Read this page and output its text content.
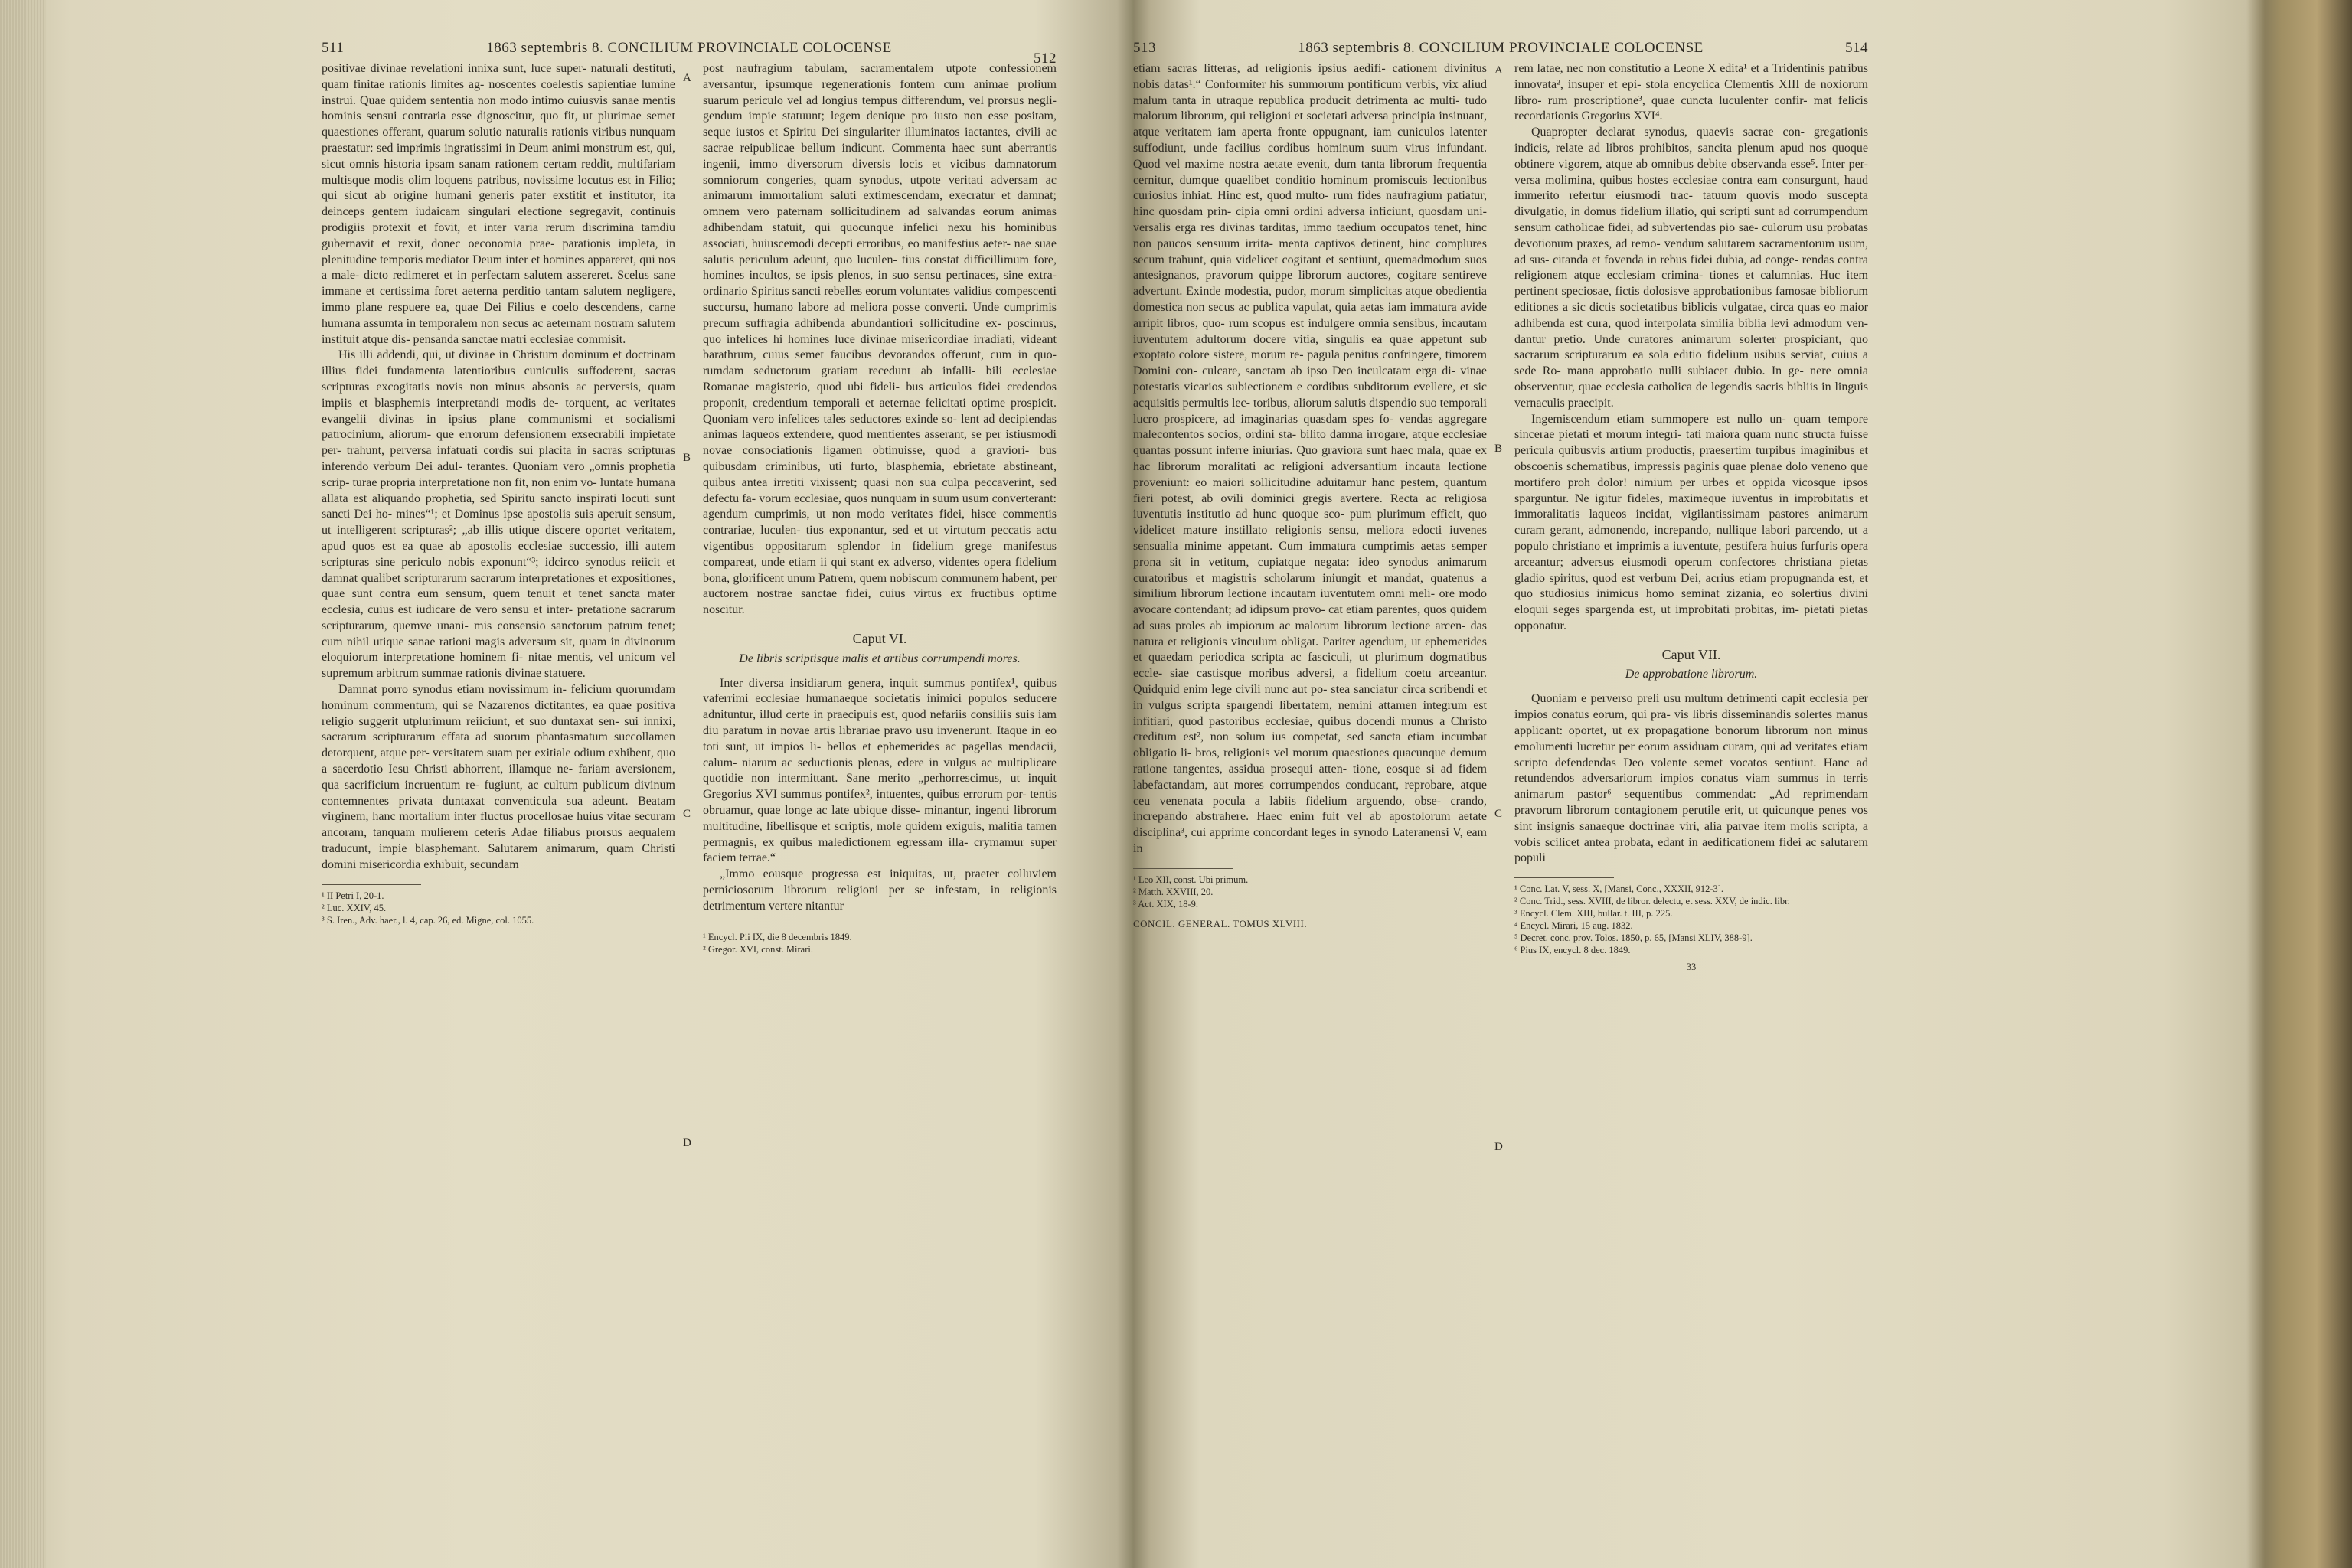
511	1863 septembris 8. CONCILIUM PROVINCIALE COLOCENSE
512

positivae divinae revelationi innixa sunt, luce super- naturali destituti, quam finitae rationis limites ag- noscentes coelestis sapientiae lumine instrui. Quae quidem sententia non modo intimo cuiusvis sanae mentis hominis sensui contraria esse dignoscitur, quo fit, ut plurimae semet quaestiones offerant, quarum solutio naturalis rationis viribus nunquam praestatur: sed imprimis ingratissimi in Deum animi monstrum est, qui, sicut omnis historia ipsam sanam rationem certam reddit, multifariam multisque modis olim loquens patribus, novissime locutus est in Filio; qui sicut ab origine humani generis pater exstitit et institutor, ita deinceps gentem iudaicam singulari electione segregavit, continuis prodigiis protexit et fovit, et inter varia rerum discrimina tamdiu gubernavit et rexit, donec oeconomia prae- parationis impleta, in plenitudine temporis mediator Deum inter et homines appareret, qui nos a male- dicto redimeret et in perfectam salutem assereret. Scelus sane immane et certissima foret aeterna perditio tantam salutem negligere, immo plane respuere ea, quae Dei Filius e coelo descendens, carne humana assumta in temporalem non secus ac aeternam nostram salutem instituit atque dis- pensanda sanctae matri ecclesiae commisit.

His illi addendi, qui, ut divinae in Christum dominum et doctrinam illius fidei fundamenta latentioribus cuniculis suffoderent, sacras scripturas excogitatis novis non minus absonis ac perversis, quam impiis et blasphemis interpretandi modis de- torquent, ac veritates evangelii divinas in ipsius plane communismi et socialismi patrocinium, aliorum- que errorum defensionem exsecrabili impietate per- trahunt, perversa infatuati cordis sui placita in sacras scripturas inferendo verbum Dei adul- terantes. Quoniam vero „omnis prophetia scrip- turae propria interpretatione non fit, non enim vo- luntate humana allata est aliquando prophetia, sed Spiritu sancto inspirati locuti sunt sancti Dei ho- mines“¹; et Dominus ipse apostolis suis aperuit sensum, ut intelligerent scripturas²; „ab illis utique discere oportet veritatem, apud quos est ea quae ab apostolis ecclesiae successio, illi autem scripturas sine periculo nobis exponunt“³; idcirco synodus reiicit et damnat qualibet scripturarum sacrarum interpretationes et expositiones, quae sunt contra eum sensum, quem tenuit et tenet sancta mater ecclesia, cuius est iudicare de vero sensu et inter- pretatione sacrarum scripturarum, quemve unani- mis consensio sanctorum patrum tenet; cum nihil utique sanae rationi magis adversum sit, quam in divinorum eloquiorum interpretatione hominem fi- nitae mentis, vel unicum vel supremum arbitrum summae rationis divinae statuere.

Damnat porro synodus etiam novissimum in- felicium quorumdam hominum commentum, qui se Nazarenos dictitantes, ea quae positiva religio suggerit utplurimum reiiciunt, et suo duntaxat sen- sui innixi, sacrarum scripturarum effata ad suorum phantasmatum succollamen detorquent, atque per- versitatem suam per exitiale odium exhibent, quo a sacerdotio Iesu Christi abhorrent, illamque ne- fariam aversionem, qua sacrificium incruentum re- fugiunt, ac cultum publicum divinum contemnentes privata duntaxat conventicula sua adeunt. Beatam virginem, hanc mortalium inter fluctus procellosae huius vitae securam ancoram, tanquam mulierem ceteris Adae filiabus prorsus aequalem traducunt, impie blasphemant. Salutarem animarum, quam Christi domini misericordia exhibuit, secundam

¹ II Petri I, 20-1.
² Luc. XXIV, 45.
³ S. Iren., Adv. haer., l. 4, cap. 26, ed. Migne, col. 1055.
A
B
C
D

post naufragium tabulam, sacramentalem utpote confessionem aversantur, ipsumque regenerationis fontem cum animae prolium suarum periculo vel ad longius tempus differendum, vel prorsus negli- gendum impie statuunt; legem denique pro iusto non esse positam, seque iustos et Spiritu Dei singulariter illuminatos iactantes, civili ac sacrae reipublicae bellum indicunt. Commenta haec sunt aberrantis ingenii, immo diversorum diversis locis et vicibus damnatorum somniorum congeries, quam synodus, utpote veritati adversam ac animarum immortalium saluti extimescendam, execratur et damnat; omnem vero paternam sollicitudinem ad salvandas eorum animas adhibendam statuit, qui quocunque infelici nexu his hominibus associati, huiuscemodi decepti erroribus, eo manifestius aeter- nae suae salutis periculum adeunt, quo luculen- tius constat difficillimum fore, homines incultos, se ipsis plenos, in suo sensu pertinaces, sine extra- ordinario Spiritus sancti rebelles eorum voluntates validius compescenti succursu, humano labore ad meliora posse converti. Unde cumprimis precum suffragia adhibenda abundantiori sollicitudine ex- poscimus, quo infelices hi homines luce divinae misericordiae irradiati, videant barathrum, cuius semet faucibus devorandos offerunt, cum in quo- rumdam seductorum gratiam recedunt ab infalli- bili ecclesiae Romanae magisterio, quod ubi fideli- bus articulos fidei credendos proponit, credentium temporali et aeternae felicitati optime prospicit. Quoniam vero infelices tales seductores exinde so- lent ad decipiendas animas laqueos extendere, quod mentientes asserant, se per istiusmodi novae consociationis ligamen obtinuisse, quod a graviori- bus quibusdam criminibus, uti furto, blasphemia, ebrietate abstineant, quibus antea irretiti vixissent; quasi non sua culpa peccaverint, sed defectu fa- vorum ecclesiae, quos nunquam in suum usum converterant: agendum cumprimis, ut non modo veritates fidei, hisce commentis contrariae, luculen- tius exponantur, sed et ut virtutum peccatis actu vigentibus oppositarum splendor in fidelium grege manifestus compareat, unde etiam ii qui stant ex adverso, videntes opera fidelium bona, glorificent unum Patrem, quem nobiscum communem habent, per auctorem nostrae sanctae fidei, cuius virtus ex fructibus optime noscitur.

Caput VI.
De libris scriptisque malis et artibus corrumpendi mores.

Inter diversa insidiarum genera, inquit summus pontifex¹, quibus vaferrimi ecclesiae humanaeque societatis inimici populos seducere adnituntur, illud certe in praecipuis est, quod nefariis consiliis suis iam diu paratum in novae artis librariae pravo usu invenerunt. Itaque in eo toti sunt, ut impios li- bellos et ephemerides ac pagellas mendacii, calum- niarum ac seductionis plenas, edere in vulgus ac multiplicare quotidie non intermittant. Sane merito „perhorrescimus, ut inquit Gregorius XVI summus pontifex², intuentes, quibus errorum por- tentis obruamur, quae longe ac late ubique disse- minantur, ingenti librorum multitudine, libellisque et scriptis, mole quidem exiguis, malitia tamen permagnis, ex quibus maledictionem egressam illa- crymamur super faciem terrae.“

„Immo eousque progressa est iniquitas, ut, praeter colluviem perniciosorum librorum religioni per se infestam, in religionis detrimentum vertere nitantur

¹ Encycl. Pii IX, die 8 decembris 1849.
² Gregor. XVI, const. Mirari.
513	1863 septembris 8. CONCILIUM PROVINCIALE COLOCENSE	514

etiam sacras litteras, ad religionis ipsius aedifi- cationem divinitus nobis datas¹.“ Conformiter his summorum pontificum verbis, vix aliud malum tanta in utraque republica producit detrimenta ac multi- tudo malorum librorum, qui religioni et societati adversa principia insinuant, atque veritatem iam aperta fronte oppugnant, iam cuniculos latenter suffodiunt, unde facilius cordibus hominum suum virus infundant. Quod vel maxime nostra aetate evenit, dum tanta librorum frequentia cernitur, dumque quaelibet conditio hominum promiscuis lectionibus curiosius inhiat. Hinc est, quod multo- rum fides naufragium patiatur, hinc quosdam prin- cipia omni ordini adversa inficiunt, quosdam uni- versalis erga res divinas tarditas, immo taedium occupatos tenet, hinc non paucos sensuum irrita- menta captivos detinent, hinc complures secum trahunt, quia videlicet cogitant et sentiunt, quemadmodum suos antesignanos, pravorum quippe librorum auctores, cogitare sentireve advertunt. Exinde modestia, pudor, morum simplicitas atque obedientia domestica non secus ac publica vapulat, quia aetas iam immatura avide arripit libros, quo- rum scopus est indulgere omnia sensibus, incautam iuventutem adultorum docere vitia, singulis ea quae appetunt sub exoptato colore sistere, morum re- pagula penitus confringere, timorem Domini con- culcare, sanctam ab ipso Deo inculcatam erga di- vinae potestatis vicarios subiectionem e cordibus subditorum evellere, et sic acquisitis permultis lec- toribus, aliorum salutis dispendio suo temporali lucro prospicere, ad imaginarias quasdam spes fo- vendas aggregare malecontentos socios, ordini sta- bilito damna irrogare, atque ecclesiae quantas possunt inferre iniurias. Quo graviora sunt haec mala, quae ex hac librorum moralitati ac religioni adversantium incauta lectione proveniunt: eo maiori sollicitudine aduitamur hanc pestem, quantum fieri potest, ab ovili dominici gregis avertere. Recta ac religiosa iuventutis institutio ad hunc quoque sco- pum plurimum efficit, quo videlicet mature instillato religionis sensu, meliora edocti iuvenes sensualia minime appetant. Cum immatura cumprimis aetas semper prona sit in vetitum, cupiatque negata: ideo synodus animarum curatoribus et magistris scholarum iniungit et mandat, quatenus a similium librorum lectione incautam iuventutem omni meli- ore modo avocare contendant; ad idipsum provo- cat etiam parentes, quos quidem ad suas proles ab impiorum ac malorum librorum lectione arcen- das natura et religionis vinculum obligat. Pariter agendum, ut ephemerides et quaedam periodica scripta ac fasciculi, ut plurimum dogmatibus eccle- siae castisque moribus adversi, a fidelium coetu arceantur. Quidquid enim lege civili nunc aut po- stea sanciatur circa scribendi et in vulgus scripta spargendi libertatem, nemini attamen integrum est infitiari, quod pastoribus ecclesiae, quibus docendi munus a Christo creditum est², non solum ius competat, sed sancta etiam incumbat obligatio li- bros, religionis vel morum quaestiones quacunque demum ratione tangentes, assidua prosequi atten- tione, eosque si ad fidem labefactandam, aut mores corrumpendos conducant, reprobare, atque ceu venenata pocula a labiis fidelium arguendo, obse- crando, increpando abstrahere. Haec enim fuit vel ab apostolorum aetate disciplina³, cui apprime concordant leges in synodo Lateranensi V, eam in

¹ Leo XII, const. Ubi primum.
² Matth. XXVIII, 20.
³ Act. XIX, 18-9.
CONCIL. GENERAL. TOMUS XLVIII.
A
B
C
D

rem latae, nec non constitutio a Leone X edita¹ et a Tridentinis patribus innovata², insuper et epi- stola encyclica Clementis XIII de noxiorum libro- rum proscriptione³, quae cuncta luculenter confir- mat felicis recordationis Gregorius XVI⁴.

Quapropter declarat synodus, quaevis sacrae con- gregationis indicis, relate ad libros prohibitos, sancita plenum apud nos quoque obtinere vigorem, atque ab omnibus debite observanda esse⁵. Inter per- versa molimina, quibus hostes ecclesiae contra eam consurgunt, haud immerito refertur eiusmodi trac- tatuum quovis modo suscepta divulgatio, in domus fidelium illatio, qui scripti sunt ad corrumpendum sensum catholicae fidei, ad subvertendas pio sae- culorum usu probatas devotionum praxes, ad remo- vendum salutarem sacramentorum usum, ad sus- citanda et fovenda in rebus fidei dubia, ad conge- rendas contra religionem atque ecclesiam crimina- tiones et calumnias. Huc item pertinent speciosae, fictis dolosisve approbationibus famosae bibliorum editiones a sic dictis societatibus biblicis vulgatae, circa quas eo maior adhibenda est cura, quod interpolata similia biblia levi admodum ven- dantur pretio. Unde curatores animarum solerter prospiciant, quo sacrarum scripturarum ea sola editio fidelium usibus serviat, cuius a sede Ro- mana approbatio nulli subiacet dubio. In ge- nere omnia observentur, quae ecclesia catholica de legendis sacris bibliis in linguis vernaculis praecipit.

Ingemiscendum etiam summopere est nullo un- quam tempore sincerae pietati et morum integri- tati maiora quam nunc structa fuisse pericula quibusvis artium productis, praesertim turpibus imaginibus et obscoenis schematibus, impressis paginis quae plenae dolo veneno que mortifero proh dolor! nimium per urbes et oppida vicosque ipsos sparguntur. Ne igitur fideles, maximeque iuventus in improbitatis et immoralitatis laqueos incidat, vigilantissimam pastores animarum curam gerant, admonendo, increpando, nullique labori parcendo, ut a populo christiano et imprimis a iuventute, pestifera huius furfuris opera arceantur; adversus eiusmodi operum confectores christiana pietas gladio spiritus, quod est verbum Dei, acrius etiam propugnanda est, et quo studiosius inimicus homo seminat zizania, eo solertius divini eloquii seges spargenda est, ut improbitati probitas, im- pietati pietas opponatur.

Caput VII.
De approbatione librorum.

Quoniam e perverso preli usu multum detrimenti capit ecclesia per impios conatus eorum, qui pra- vis libris disseminandis solertes manus applicant: oportet, ut ex propagatione bonorum librorum non minus emolumenti lucretur per eorum assiduam curam, qui ad veritates etiam scripto defendendas Deo volente semet vocatos sentiunt. Hanc ad retundendos adversariorum impios conatus viam summus in terris animarum pastor⁶ sequentibus commendat: „Ad reprimendam pravorum librorum contagionem perutile erit, ut quicunque penes vos sint insignis sanaeque doctrinae viri, alia parvae item molis scripta, a vobis scilicet antea probata, edant in aedificationem fidei ac salutarem populi

¹ Conc. Lat. V, sess. X, [Mansi, Conc., XXXII, 912-3].
² Conc. Trid., sess. XVIII, de libror. delectu, et sess. XXV, de indic. libr.
³ Encycl. Clem. XIII, bullar. t. III, p. 225.
⁴ Encycl. Mirari, 15 aug. 1832.
⁵ Decret. conc. prov. Tolos. 1850, p. 65, [Mansi XLIV, 388-9].
⁶ Pius IX, encycl. 8 dec. 1849.
33
